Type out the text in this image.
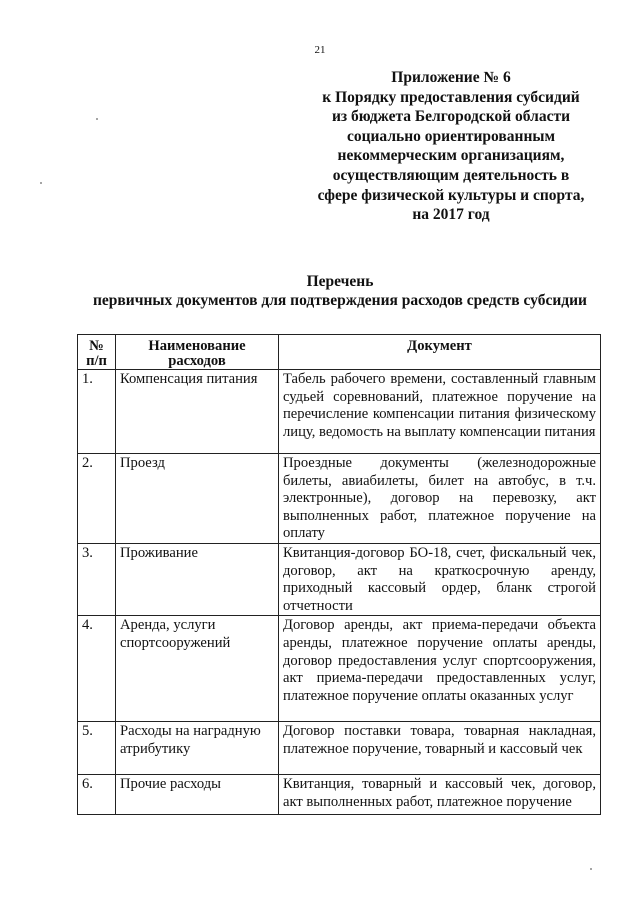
21
Приложение № 6
к Порядку предоставления субсидий
из бюджета Белгородской области
социально ориентированным
некоммерческим организациям,
осуществляющим деятельность в
сфере физической культуры и спорта,
на 2017 год
Перечень
первичных документов для подтверждения расходов средств субсидии
№ п/п	Наименование расходов	Документ
1.	Компенсация питания	Табель рабочего времени, составленный главным судьей соревнований, платежное поручение на перечисление компенсации питания физическому лицу, ведомость на выплату компенсации питания
2.	Проезд	Проездные документы (железнодорожные билеты, авиабилеты, билет на автобус, в т.ч. электронные), договор на перевозку, акт выполненных работ, платежное поручение на оплату
3.	Проживание	Квитанция-договор БО-18, счет, фискальный чек, договор, акт на краткосрочную аренду, приходный кассовый ордер, бланк строгой отчетности
4.	Аренда, услуги спортсооружений	Договор аренды, акт приема-передачи объекта аренды, платежное поручение оплаты аренды, договор предоставления услуг спортсооружения, акт приема-передачи предоставленных услуг, платежное поручение оплаты оказанных услуг
5.	Расходы на наградную атрибутику	Договор поставки товара, товарная накладная, платежное поручение, товарный и кассовый чек
6.	Прочие расходы	Квитанция, товарный и кассовый чек, договор, акт выполненных работ, платежное поручение
